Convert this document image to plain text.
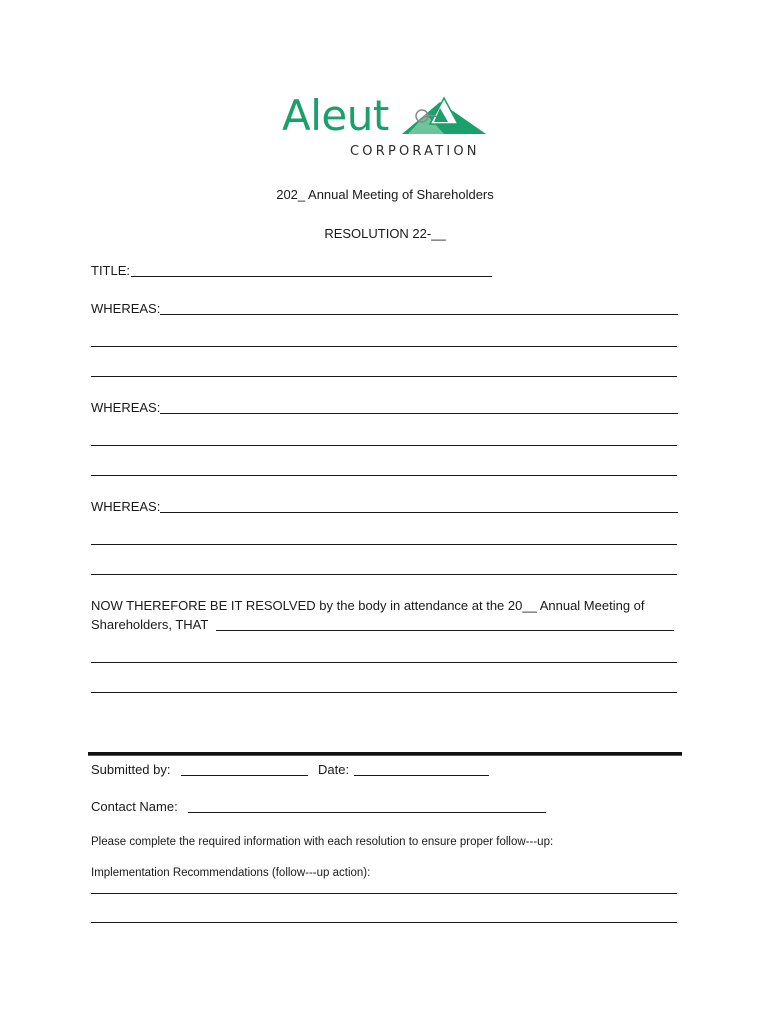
Aleut
CORPORATION
202_ Annual Meeting of Shareholders
RESOLUTION 22-__
TITLE:
WHEREAS:
WHEREAS:
WHEREAS:
NOW THEREFORE BE IT RESOLVED by the body in attendance at the 20__ Annual Meeting of
Shareholders, THAT
Submitted by:	Date:
Contact Name:
Please complete the required information with each resolution to ensure proper follow---up:
Implementation Recommendations (follow---up action):
